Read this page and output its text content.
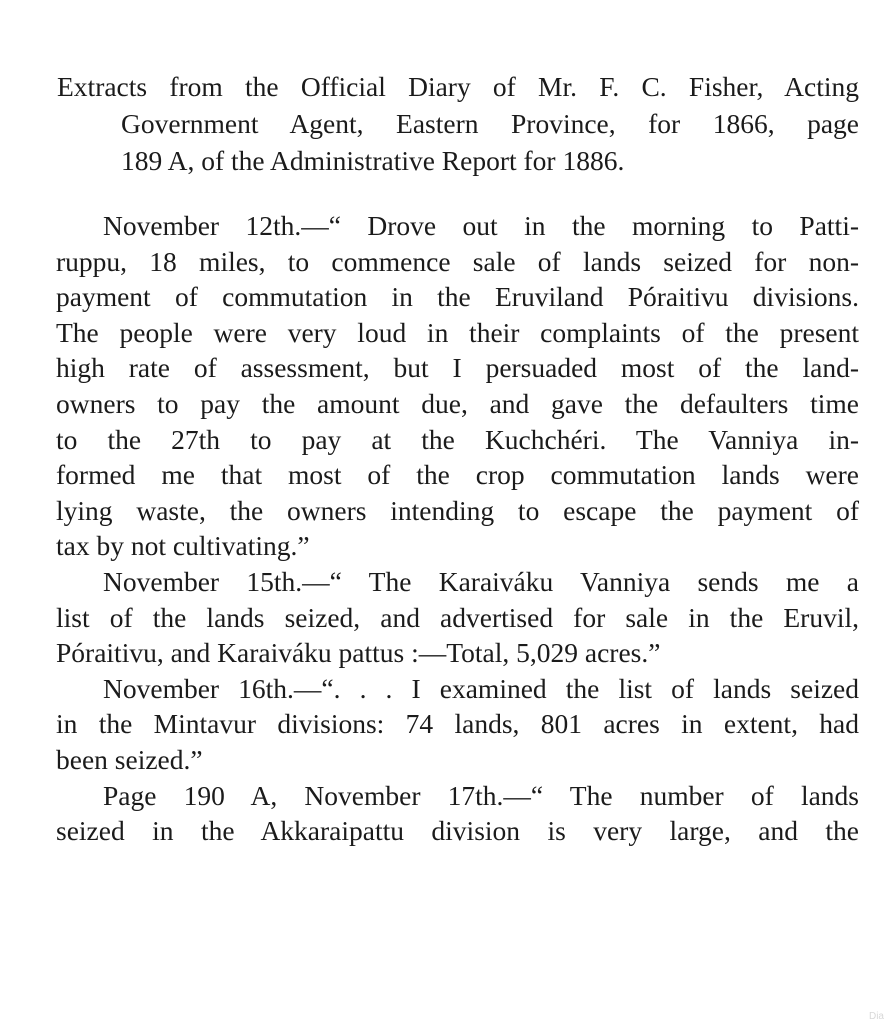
Extracts from the Official Diary of Mr. F. C. Fisher, Acting
Government Agent, Eastern Province, for 1866, page
189 A, of the Administrative Report for 1886.
November 12th.—“ Drove out in the morning to Patti-
ruppu, 18 miles, to commence sale of lands seized for non-
payment of commutation in the Eruviland Póraitivu divisions.
The people were very loud in their complaints of the present
high rate of assessment, but I persuaded most of the land-
owners to pay the amount due, and gave the defaulters time
to the 27th to pay at the Kuchchéri. The Vanniya in-
formed me that most of the crop commutation lands were
lying waste, the owners intending to escape the payment of
tax by not cultivating.”
November 15th.—“ The Karaiváku Vanniya sends me a
list of the lands seized, and advertised for sale in the Eruvil,
Póraitivu, and Karaiváku pattus :—Total, 5,029 acres.”
November 16th.—“. . . I examined the list of lands seized
in the Mintavur divisions: 74 lands, 801 acres in extent, had
been seized.”
Page 190 A, November 17th.—“ The number of lands
seized in the Akkaraipattu division is very large, and the
Dia
